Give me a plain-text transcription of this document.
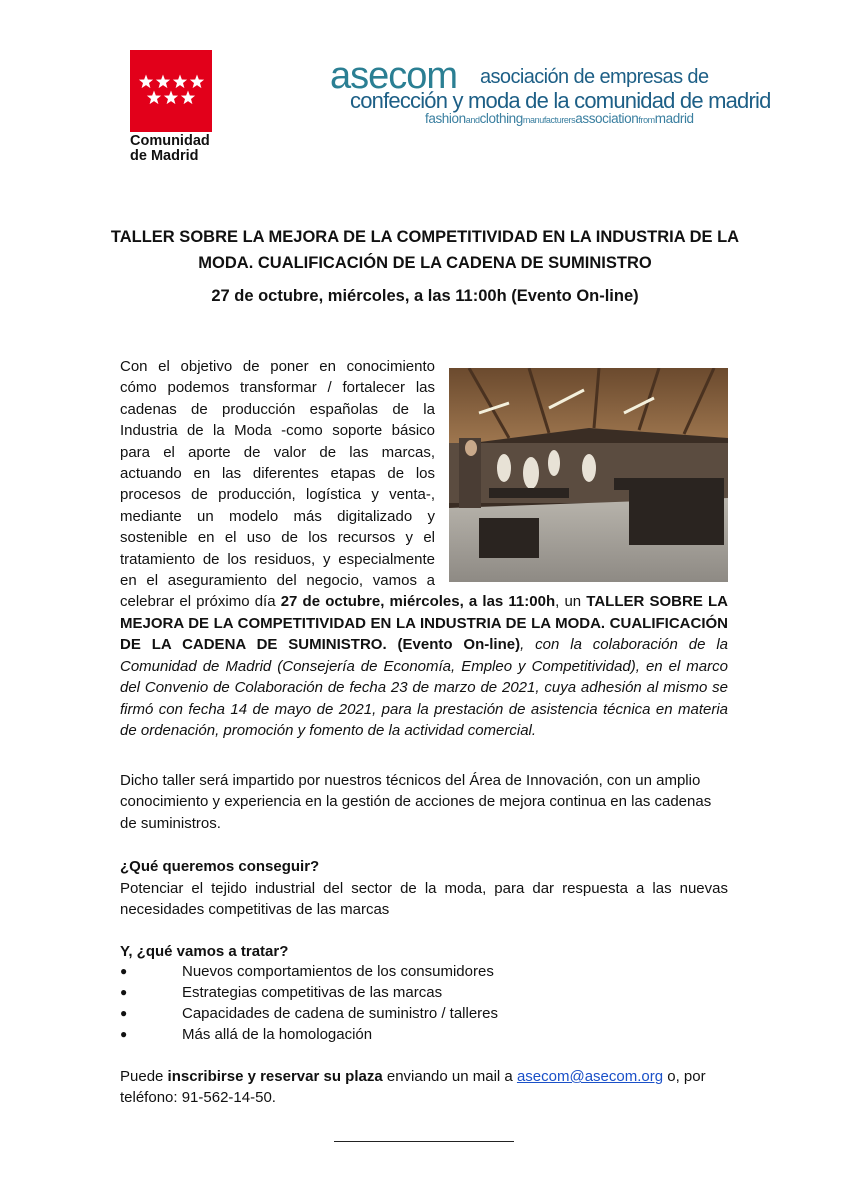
Comunidad
de Madrid
asecom asociación de empresas de
confección y moda de la comunidad de madrid
fashionandclothingmanufacturersassociationfrommadrid
TALLER SOBRE LA MEJORA DE LA COMPETITIVIDAD EN LA INDUSTRIA DE LA MODA. CUALIFICACIÓN DE LA CADENA DE SUMINISTRO
27 de octubre, miércoles, a las 11:00h (Evento On-line)
Con el objetivo de poner en conocimiento cómo podemos transformar / fortalecer las cadenas de producción españolas de la Industria de la Moda -como soporte básico para el aporte de valor de las marcas, actuando en las diferentes etapas de los procesos de producción, logística y venta-, mediante un modelo más digitalizado y sostenible en el uso de los recursos y el tratamiento de los residuos, y especialmente en el aseguramiento del negocio, vamos a celebrar el próximo día 27 de octubre, miércoles, a las 11:00h, un TALLER SOBRE LA MEJORA DE LA COMPETITIVIDAD EN LA INDUSTRIA DE LA MODA. CUALIFICACIÓN DE LA CADENA DE SUMINISTRO. (Evento On-line), con la colaboración de la Comunidad de Madrid (Consejería de Economía, Empleo y Competitividad), en el marco del Convenio de Colaboración de fecha 23 de marzo de 2021, cuya adhesión al mismo se firmó con fecha 14 de mayo de 2021, para la prestación de asistencia técnica en materia de ordenación, promoción y fomento de la actividad comercial.
Dicho taller será impartido por nuestros técnicos del Área de Innovación, con un amplio conocimiento y experiencia en la gestión de acciones de mejora continua en las cadenas de suministros.
¿Qué queremos conseguir?
Potenciar el tejido industrial del sector de la moda, para dar respuesta a las nuevas necesidades competitivas de las marcas
Y, ¿qué vamos a tratar?
●	Nuevos comportamientos de los consumidores
●	Estrategias competitivas de las marcas
●	Capacidades de cadena de suministro / talleres
●	Más allá de la homologación
Puede inscribirse y reservar su plaza enviando un mail a asecom@asecom.org o, por teléfono: 91-562-14-50.
